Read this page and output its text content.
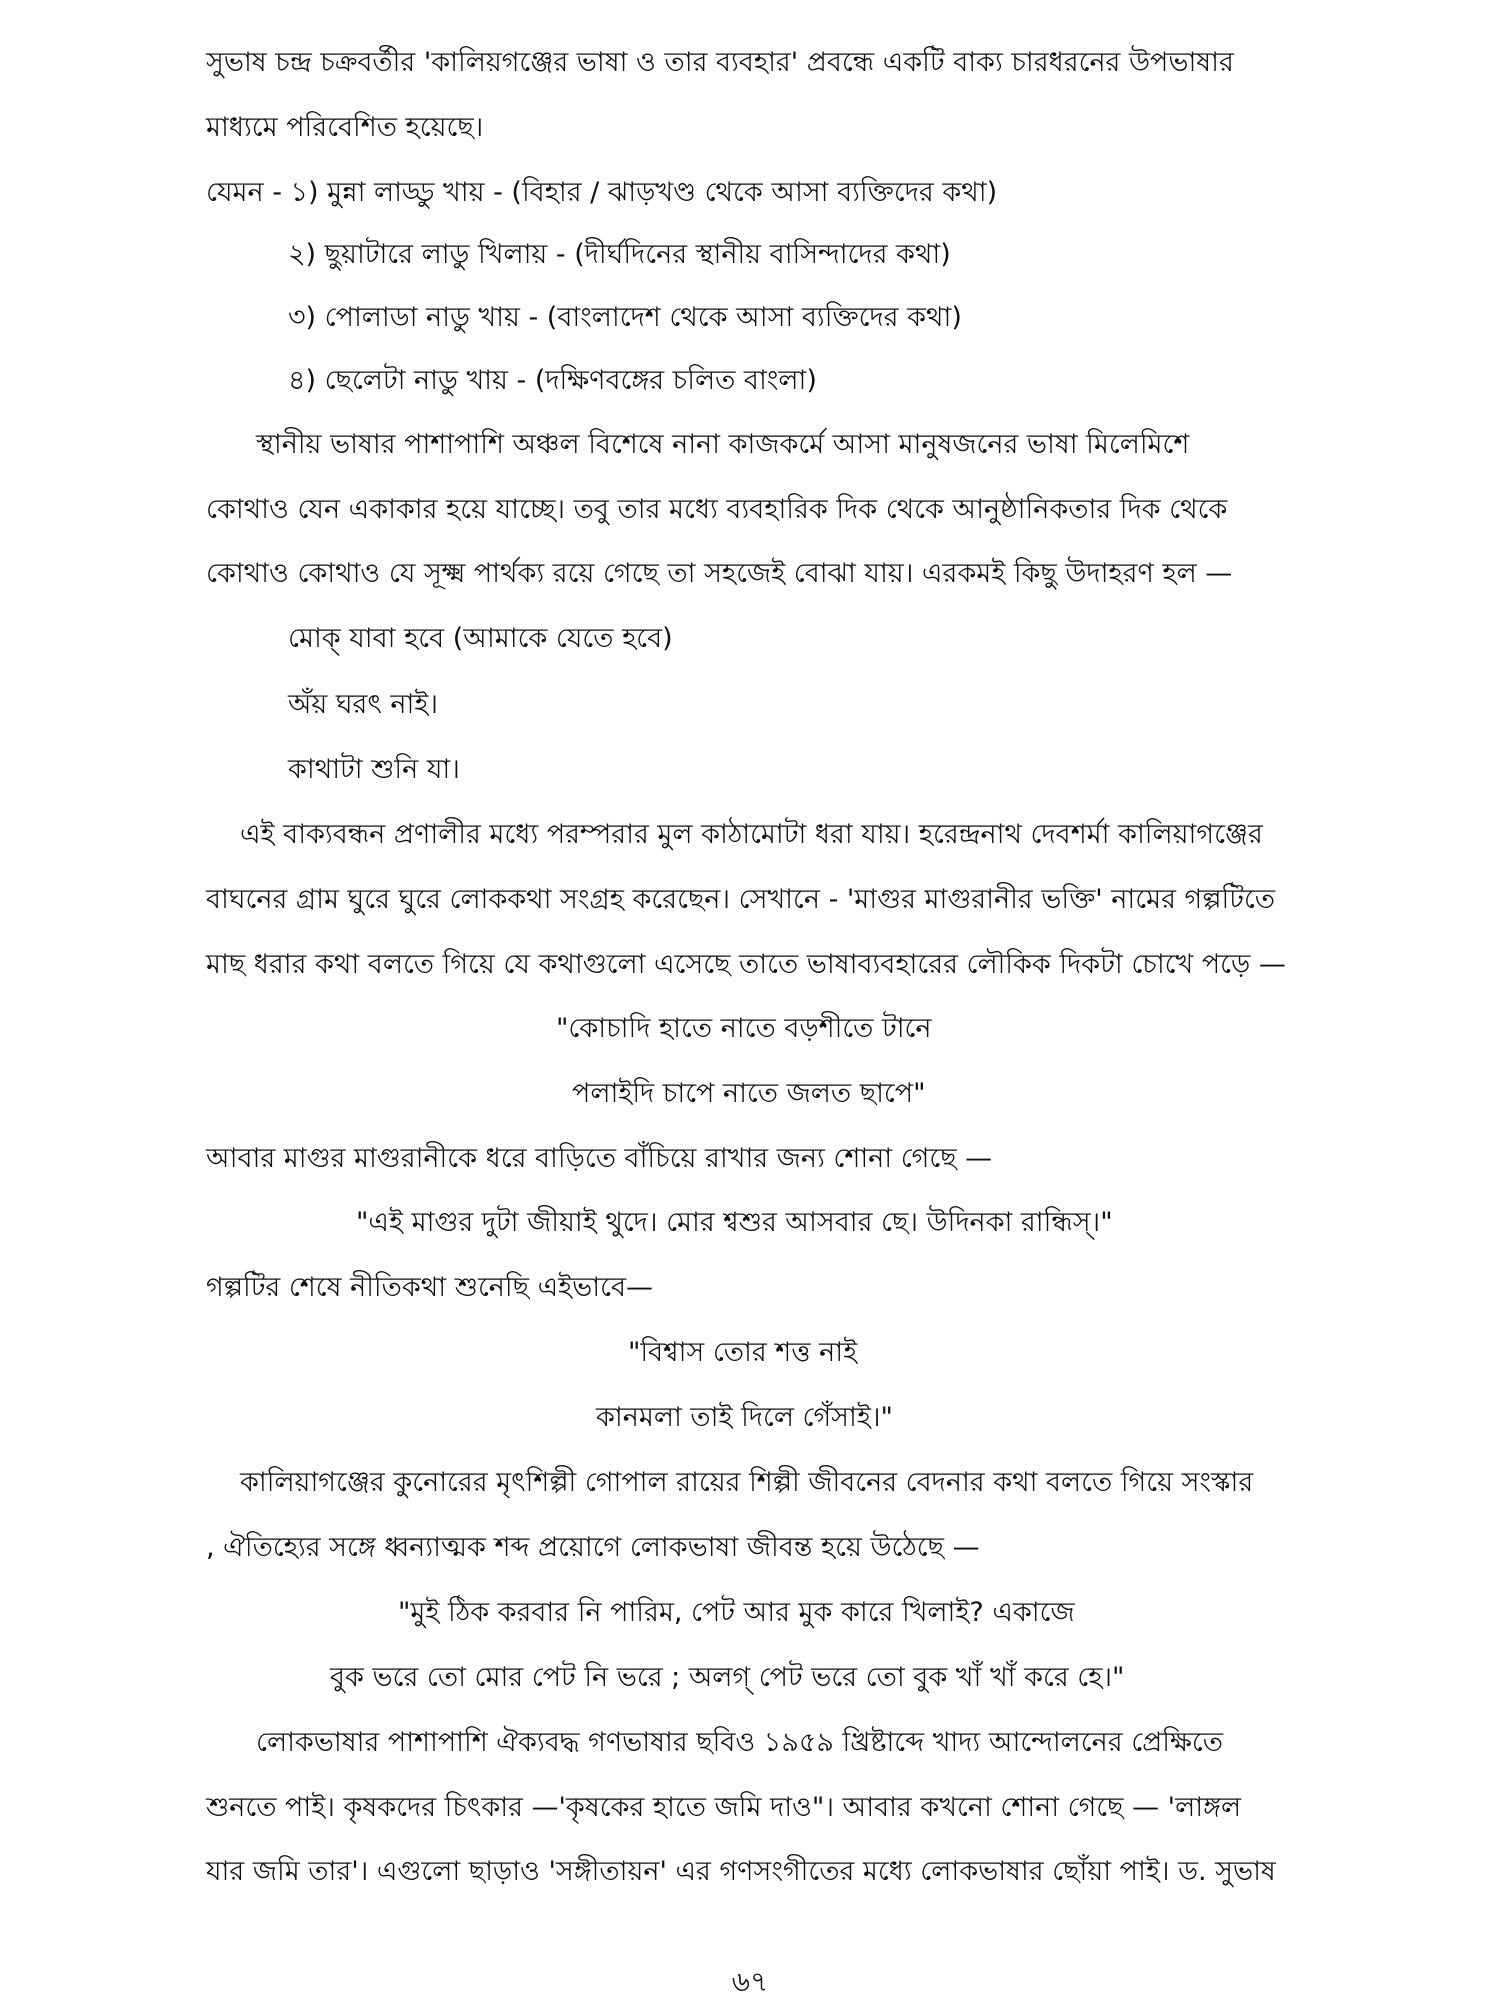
সুভাষ চন্দ্র চক্রবর্তীর 'কালিয়গঞ্জের ভাষা ও তার ব্যবহার' প্রবন্ধে একটি বাক্য চারধরনের উপভাষার

মাধ্যমে পরিবেশিত হয়েছে।

যেমন - ১) মুন্না লাড্ডু খায় - (বিহার / ঝাড়খণ্ড থেকে আসা ব্যক্তিদের কথা)

২) ছুয়াটারে লাডু খিলায় - (দীর্ঘদিনের স্থানীয় বাসিন্দাদের কথা)

৩) পোলাডা নাডু খায় - (বাংলাদেশ থেকে আসা ব্যক্তিদের কথা)

৪) ছেলেটা নাডু খায় - (দক্ষিণবঙ্গের চলিত বাংলা)

স্থানীয় ভাষার পাশাপাশি অঞ্চল বিশেষে নানা কাজকর্মে আসা মানুষজনের ভাষা মিলেমিশে

কোথাও যেন একাকার হয়ে যাচ্ছে। তবু তার মধ্যে ব্যবহারিক দিক থেকে আনুষ্ঠানিকতার দিক থেকে

কোথাও কোথাও যে সূক্ষ্ম পার্থক্য রয়ে গেছে তা সহজেই বোঝা যায়। এরকমই কিছু উদাহরণ হল —

মোক্ যাবা হবে (আমাকে যেতে হবে)

অঁয় ঘরৎ নাই।

কাথাটা শুনি যা।

এই বাক্যবন্ধন প্রণালীর মধ্যে পরম্পরার মুল কাঠামোটা ধরা যায়। হরেন্দ্রনাথ দেবশর্মা কালিয়াগঞ্জের

বাঘনের গ্রাম ঘুরে ঘুরে লোককথা সংগ্রহ করেছেন। সেখানে - 'মাগুর মাগুরানীর ভক্তি' নামের গল্পটিতে

মাছ ধরার কথা বলতে গিয়ে যে কথাগুলো এসেছে তাতে ভাষাব্যবহারের লৌকিক দিকটা চোখে পড়ে —

"কোচাদি হাতে নাতে বড়শীতে টানে

পলাইদি চাপে নাতে জলত ছাপে"

আবার মাগুর মাগুরানীকে ধরে বাড়িতে বাঁচিয়ে রাখার জন্য শোনা গেছে —

"এই মাগুর দুটা জীয়াই থুদে। মোর শ্বশুর আসবার ছে। উদিনকা রান্ধিস্।"

গল্পটির শেষে নীতিকথা শুনেছি এইভাবে—

"বিশ্বাস তোর শত্ত নাই

কানমলা তাই দিলে গেঁসাই।"

কালিয়াগঞ্জের কুনোরের মৃৎশিল্পী গোপাল রায়ের শিল্পী জীবনের বেদনার কথা বলতে গিয়ে সংস্কার

, ঐতিহ্যের সঙ্গে ধ্বন্যাত্মক শব্দ প্রয়োগে লোকভাষা জীবন্ত হয়ে উঠেছে —

"মুই ঠিক করবার নি পারিম, পেট আর মুক কারে খিলাই? একাজে

বুক ভরে তো মোর পেট নি ভরে ; অলগ্ পেট ভরে তো বুক খাঁ খাঁ করে হে।"

লোকভাষার পাশাপাশি ঐক্যবদ্ধ গণভাষার ছবিও ১৯৫৯ খ্রিষ্টাব্দে খাদ্য আন্দোলনের প্রেক্ষিতে

শুনতে পাই। কৃষকদের চিৎকার —'কৃষকের হাতে জমি দাও"। আবার কখনো শোনা গেছে — 'লাঙ্গল

যার জমি তার'। এগুলো ছাড়াও 'সঙ্গীতায়ন' এর গণসংগীতের মধ্যে লোকভাষার ছোঁয়া পাই। ড. সুভাষ

৬৭
